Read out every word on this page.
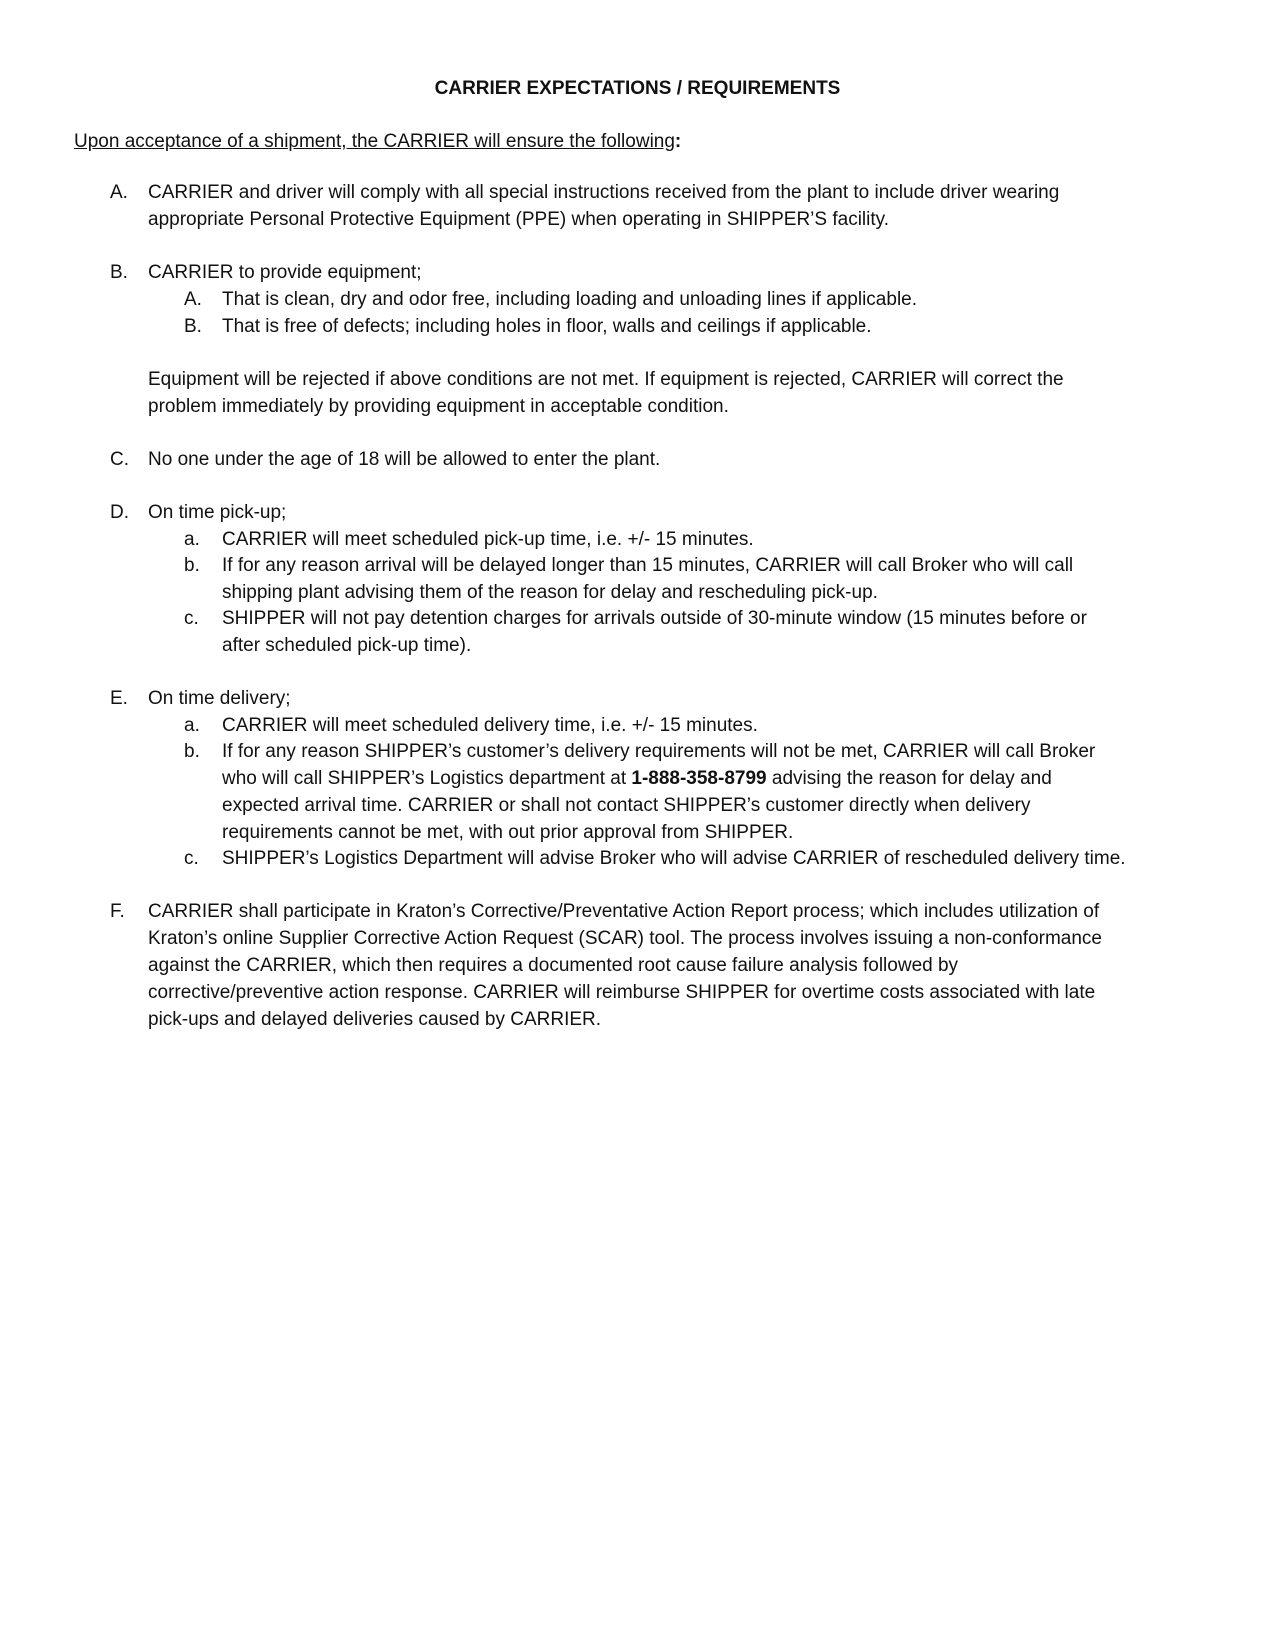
CARRIER EXPECTATIONS / REQUIREMENTS
Upon acceptance of a shipment, the CARRIER will ensure the following:
A.	CARRIER and driver will comply with all special instructions received from the plant to include driver wearing
appropriate Personal Protective Equipment (PPE) when operating in SHIPPER’S facility.
B.	CARRIER to provide equipment;
A.	That is clean, dry and odor free, including loading and unloading lines if applicable.
B.	That is free of defects; including holes in floor, walls and ceilings if applicable.
Equipment will be rejected if above conditions are not met. If equipment is rejected, CARRIER will correct the
problem immediately by providing equipment in acceptable condition.
C.	No one under the age of 18 will be allowed to enter the plant.
D.	On time pick-up;
a.	CARRIER will meet scheduled pick-up time, i.e. +/- 15 minutes.
b.	If for any reason arrival will be delayed longer than 15 minutes, CARRIER will call Broker who will call
shipping plant advising them of the reason for delay and rescheduling pick-up.
c.	SHIPPER will not pay detention charges for arrivals outside of 30-minute window (15 minutes before or
after scheduled pick-up time).
E.	On time delivery;
a.	CARRIER will meet scheduled delivery time, i.e. +/- 15 minutes.
b.	If for any reason SHIPPER’s customer’s delivery requirements will not be met, CARRIER will call Broker
who will call SHIPPER’s Logistics department at 1-888-358-8799 advising the reason for delay and
expected arrival time. CARRIER or shall not contact SHIPPER’s customer directly when delivery
requirements cannot be met, with out prior approval from SHIPPER.
c.	SHIPPER’s Logistics Department will advise Broker who will advise CARRIER of rescheduled delivery time.
F.	CARRIER shall participate in Kraton’s Corrective/Preventative Action Report process; which includes utilization of
Kraton’s online Supplier Corrective Action Request (SCAR) tool. The process involves issuing a non-conformance
against the CARRIER, which then requires a documented root cause failure analysis followed by
corrective/preventive action response. CARRIER will reimburse SHIPPER for overtime costs associated with late
pick-ups and delayed deliveries caused by CARRIER.
